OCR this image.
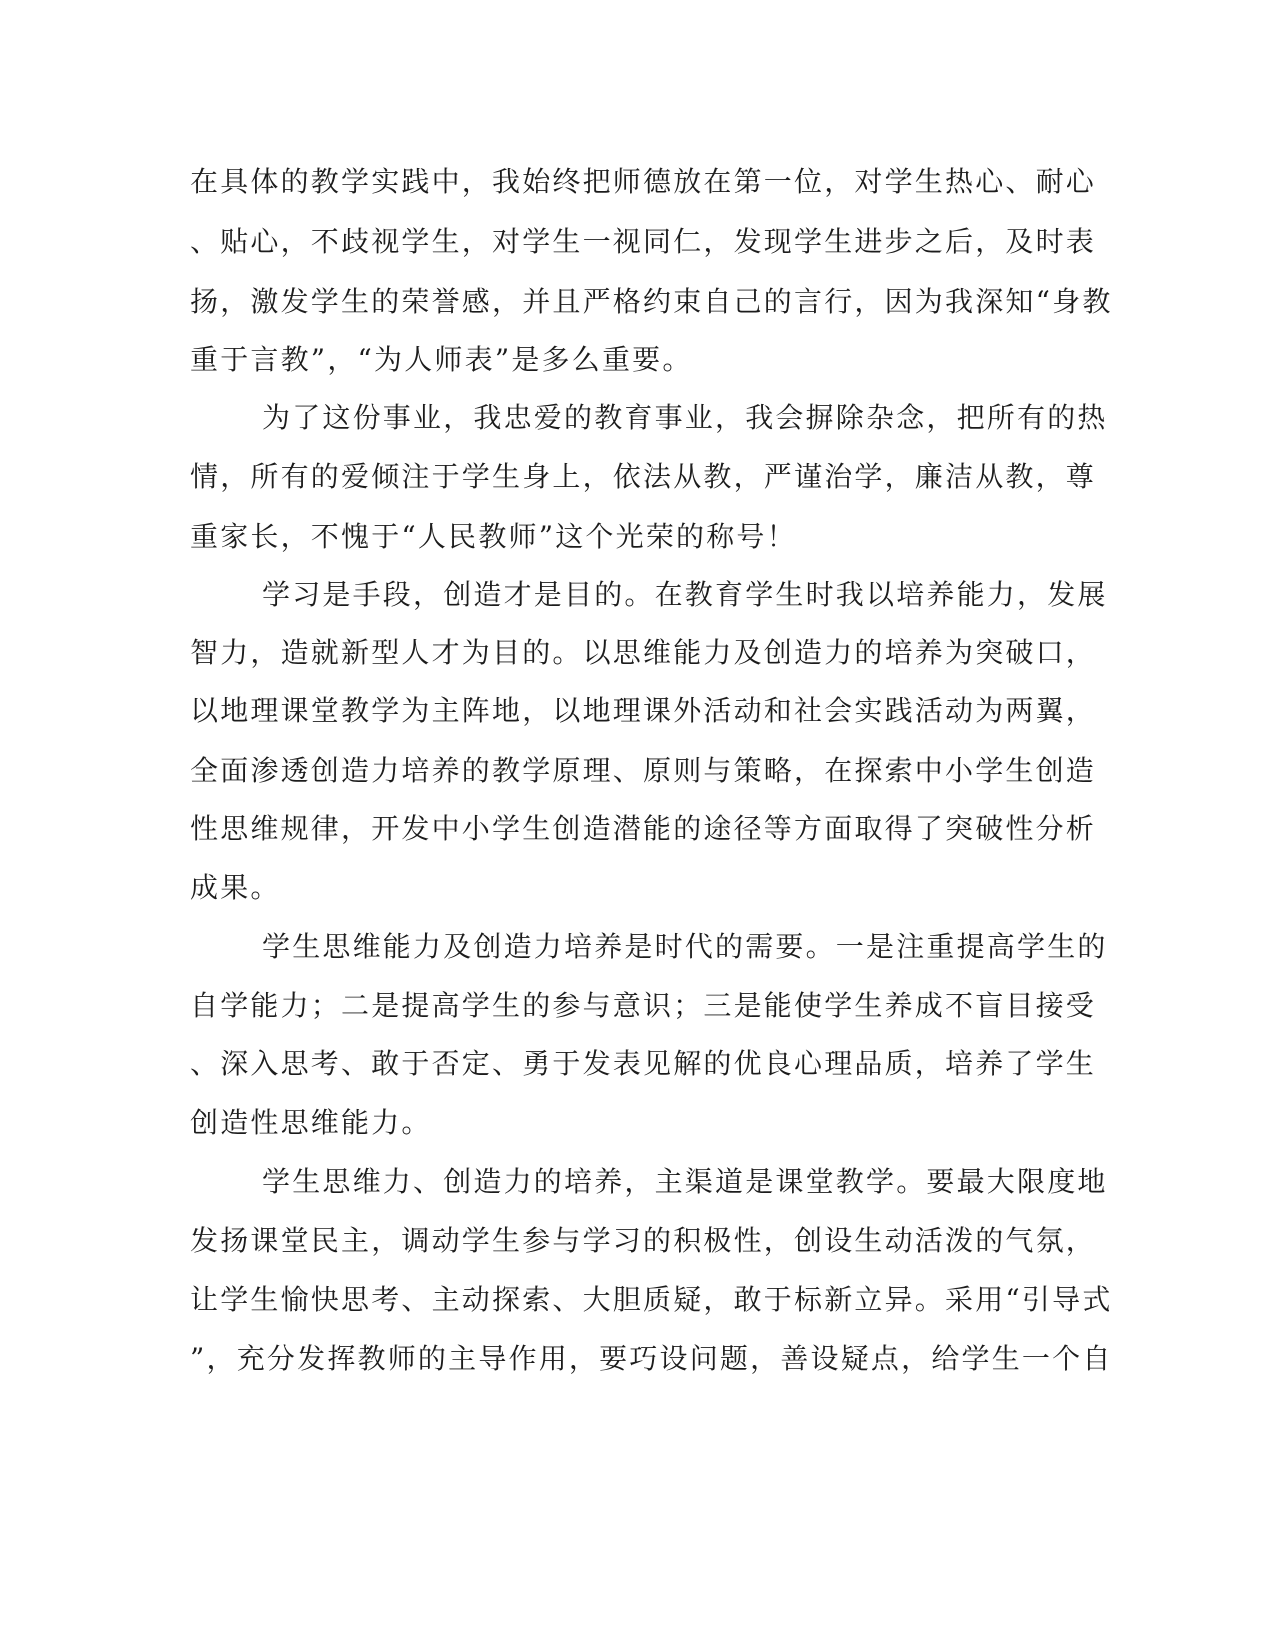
在具体的教学实践中，我始终把师德放在第一位，对学生热心、耐心
、贴心，不歧视学生，对学生一视同仁，发现学生进步之后，及时表
扬，激发学生的荣誉感，并且严格约束自己的言行，因为我深知“身教
重于言教”，“为人师表”是多么重要。
为了这份事业，我忠爱的教育事业，我会摒除杂念，把所有的热
情，所有的爱倾注于学生身上，依法从教，严谨治学，廉洁从教，尊
重家长，不愧于“人民教师”这个光荣的称号！
学习是手段，创造才是目的。在教育学生时我以培养能力，发展
智力，造就新型人才为目的。以思维能力及创造力的培养为突破口，
以地理课堂教学为主阵地，以地理课外活动和社会实践活动为两翼，
全面渗透创造力培养的教学原理、原则与策略，在探索中小学生创造
性思维规律，开发中小学生创造潜能的途径等方面取得了突破性分析
成果。
学生思维能力及创造力培养是时代的需要。一是注重提高学生的
自学能力；二是提高学生的参与意识；三是能使学生养成不盲目接受
、深入思考、敢于否定、勇于发表见解的优良心理品质，培养了学生
创造性思维能力。
学生思维力、创造力的培养，主渠道是课堂教学。要最大限度地
发扬课堂民主，调动学生参与学习的积极性，创设生动活泼的气氛，
让学生愉快思考、主动探索、大胆质疑，敢于标新立异。采用“引导式
”，充分发挥教师的主导作用，要巧设问题，善设疑点，给学生一个自
